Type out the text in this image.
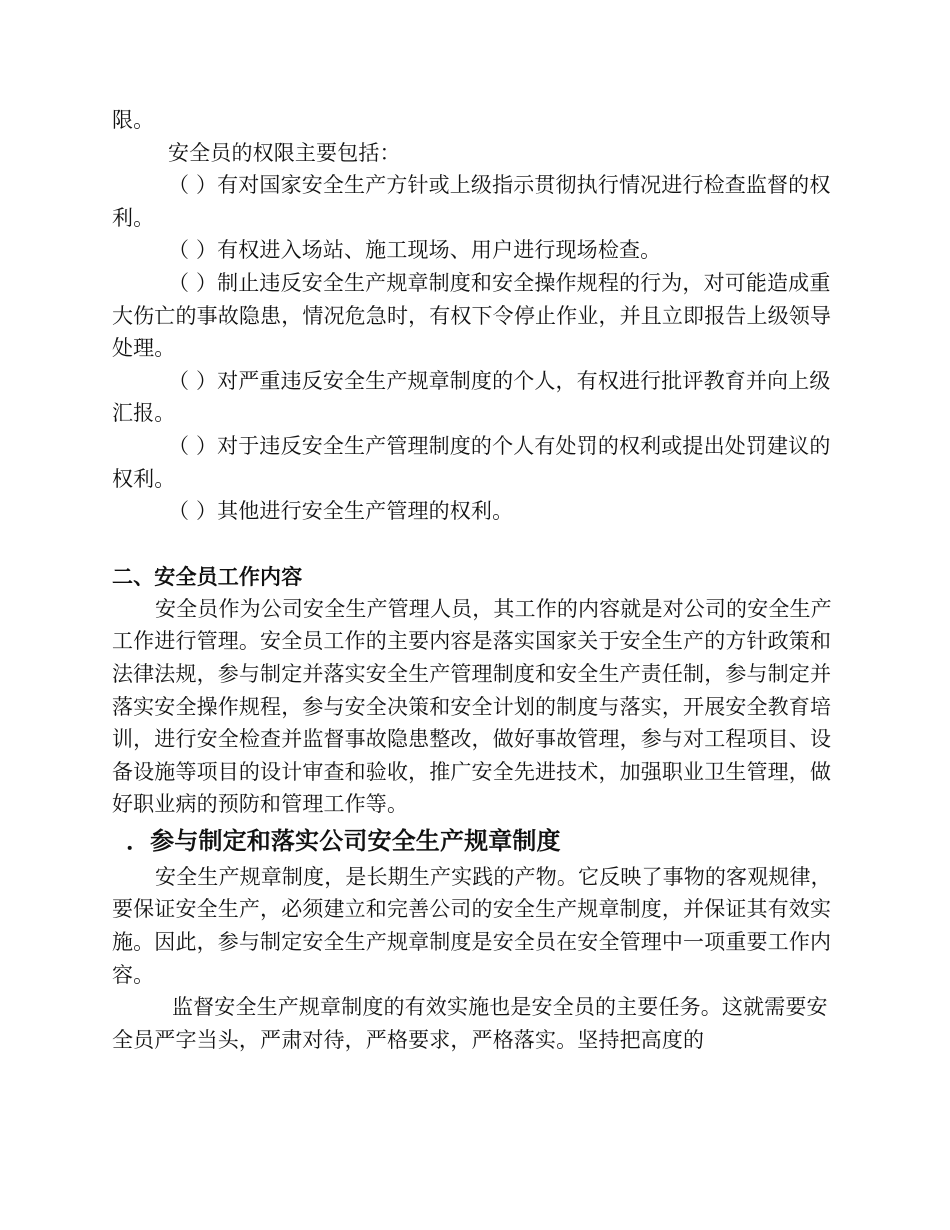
限。

安全员的权限主要包括：

（ ）有对国家安全生产方针或上级指示贯彻执行情况进行检查监督的权利。

（ ）有权进入场站、施工现场、用户进行现场检查。

（ ）制止违反安全生产规章制度和安全操作规程的行为，对可能造成重大伤亡的事故隐患，情况危急时，有权下令停止作业，并且立即报告上级领导处理。

（ ）对严重违反安全生产规章制度的个人，有权进行批评教育并向上级汇报。

（ ）对于违反安全生产管理制度的个人有处罚的权利或提出处罚建议的权利。

（ ）其他进行安全生产管理的权利。

二、安全员工作内容

安全员作为公司安全生产管理人员，其工作的内容就是对公司的安全生产工作进行管理。安全员工作的主要内容是落实国家关于安全生产的方针政策和法律法规，参与制定并落实安全生产管理制度和安全生产责任制，参与制定并落实安全操作规程，参与安全决策和安全计划的制度与落实，开展安全教育培训，进行安全检查并监督事故隐患整改，做好事故管理，参与对工程项目、设备设施等项目的设计审查和验收，推广安全先进技术，加强职业卫生管理，做好职业病的预防和管理工作等。

．参与制定和落实公司安全生产规章制度

安全生产规章制度，是长期生产实践的产物。它反映了事物的客观规律，要保证安全生产，必须建立和完善公司的安全生产规章制度，并保证其有效实施。因此，参与制定安全生产规章制度是安全员在安全管理中一项重要工作内容。

监督安全生产规章制度的有效实施也是安全员的主要任务。这就需要安全员严字当头，严肃对待，严格要求，严格落实。坚持把高度的
